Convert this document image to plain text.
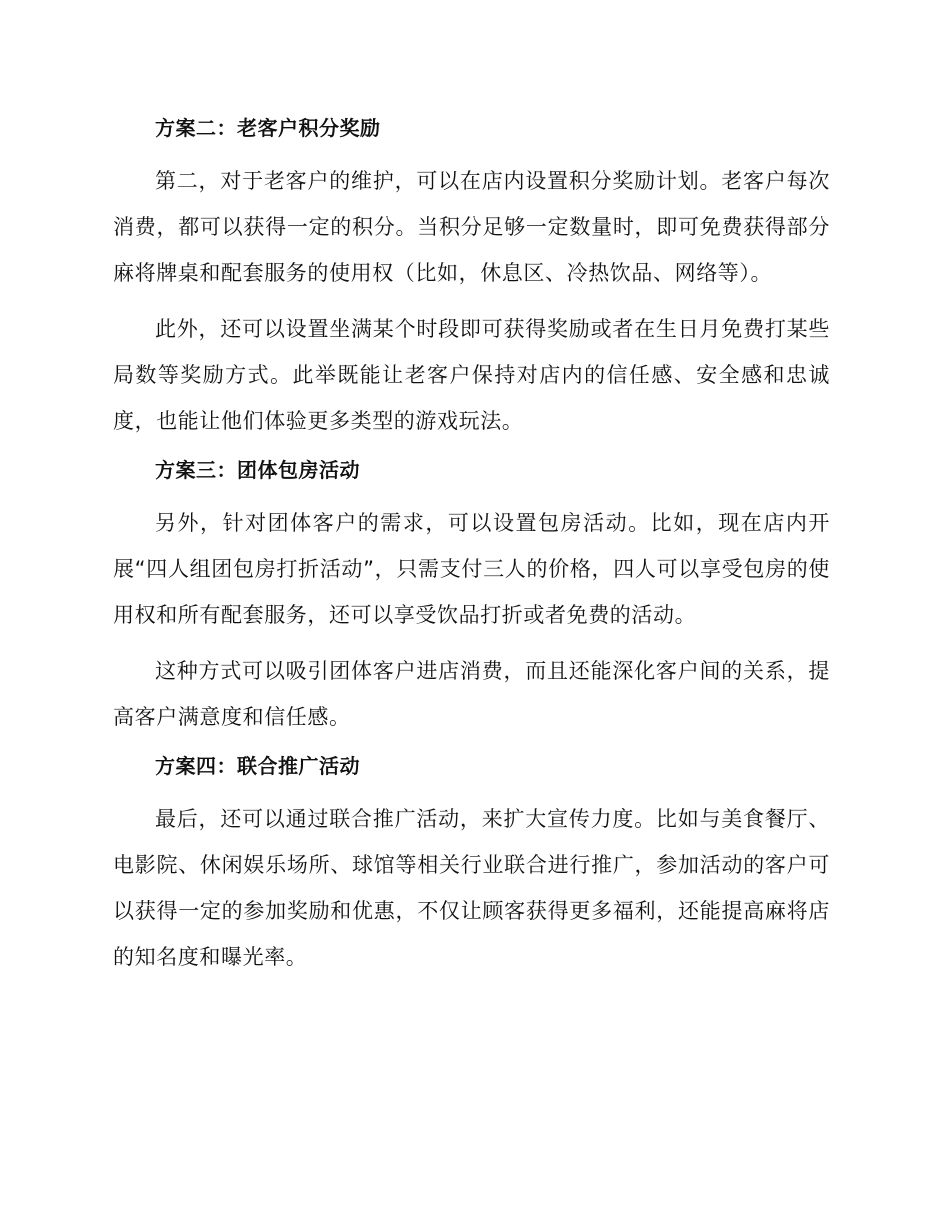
方案二：老客户积分奖励

第二，对于老客户的维护，可以在店内设置积分奖励计划。老客户每次消费，都可以获得一定的积分。当积分足够一定数量时，即可免费获得部分麻将牌桌和配套服务的使用权（比如，休息区、冷热饮品、网络等）。

此外，还可以设置坐满某个时段即可获得奖励或者在生日月免费打某些局数等奖励方式。此举既能让老客户保持对店内的信任感、安全感和忠诚度，也能让他们体验更多类型的游戏玩法。

方案三：团体包房活动

另外，针对团体客户的需求，可以设置包房活动。比如，现在店内开展“四人组团包房打折活动”，只需支付三人的价格，四人可以享受包房的使用权和所有配套服务，还可以享受饮品打折或者免费的活动。

这种方式可以吸引团体客户进店消费，而且还能深化客户间的关系，提高客户满意度和信任感。

方案四：联合推广活动

最后，还可以通过联合推广活动，来扩大宣传力度。比如与美食餐厅、电影院、休闲娱乐场所、球馆等相关行业联合进行推广，参加活动的客户可以获得一定的参加奖励和优惠，不仅让顾客获得更多福利，还能提高麻将店的知名度和曝光率。
